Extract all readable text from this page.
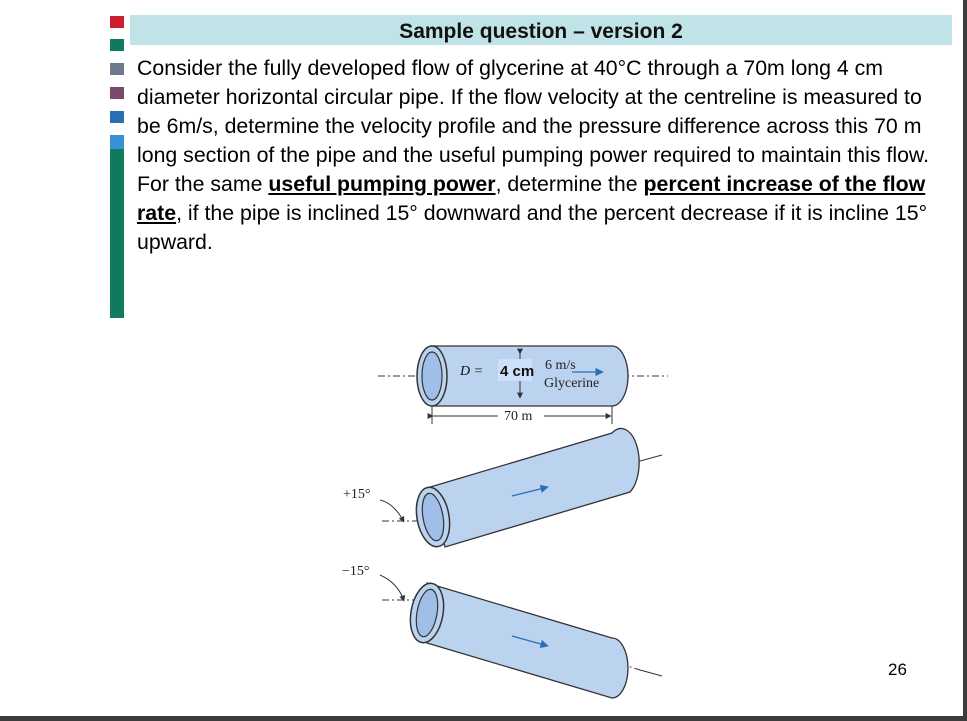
Sample question – version 2
Consider the fully developed flow of glycerine at 40°C through a 70m long 4 cm diameter horizontal circular pipe. If the flow velocity at the centreline is measured to be 6m/s, determine the velocity profile and the pressure difference across this 70 m long section of the pipe and the useful pumping power required to maintain this flow. For the same useful pumping power, determine the percent increase of the flow rate, if the pipe is inclined 15° downward and the percent decrease if it is incline 15° upward.
D = 4 cm 6 m/s
Glycerine
70 m
+15°
−15°
26
